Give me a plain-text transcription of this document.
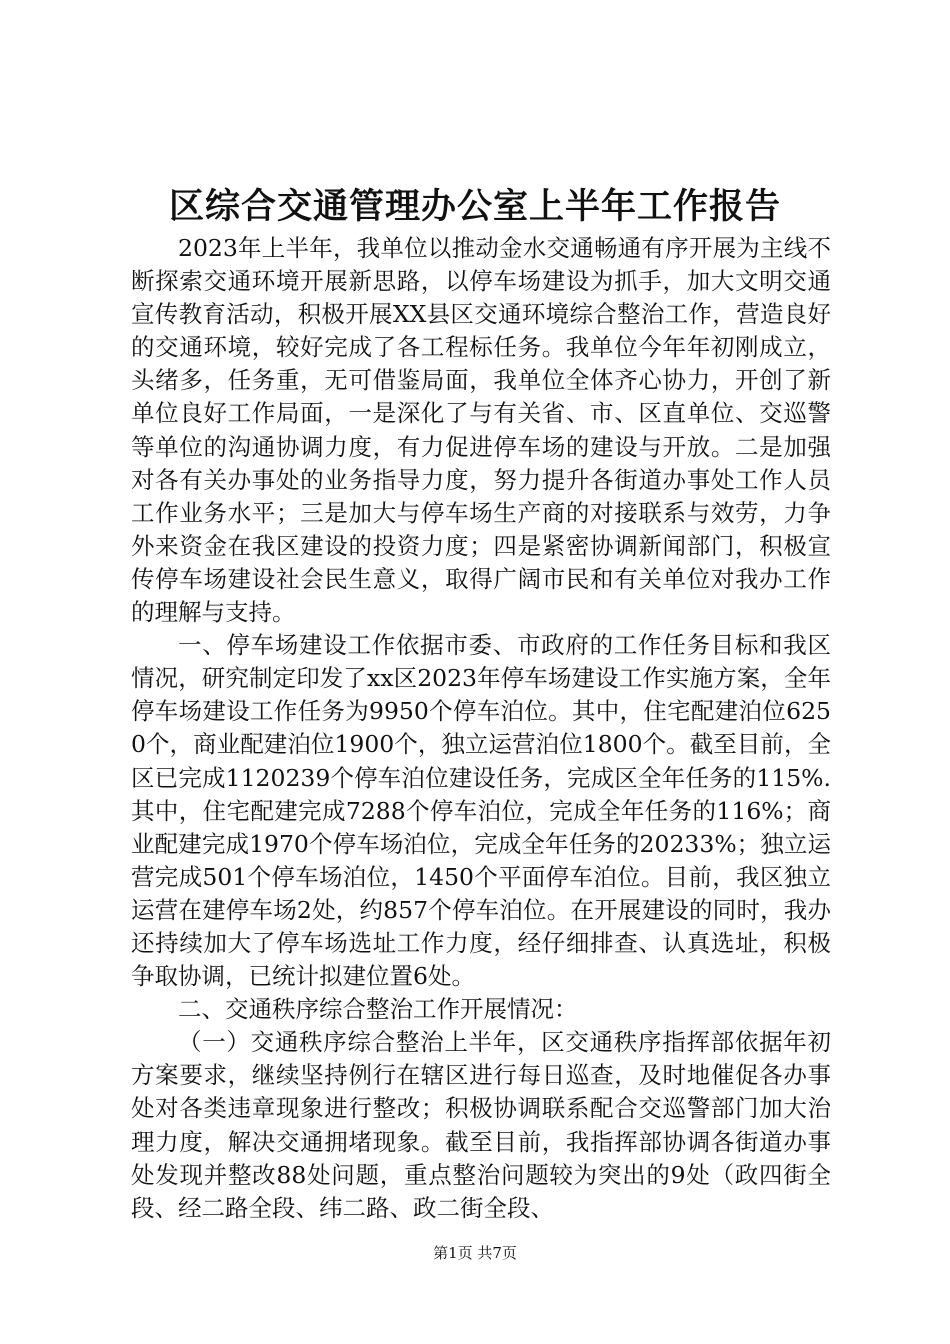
区综合交通管理办公室上半年工作报告

2023年上半年，我单位以推动金水交通畅通有序开展为主线不断探索交通环境开展新思路，以停车场建设为抓手，加大文明交通宣传教育活动，积极开展XX县区交通环境综合整治工作，营造良好的交通环境，较好完成了各工程标任务。我单位今年年初刚成立，头绪多，任务重，无可借鉴局面，我单位全体齐心协力，开创了新单位良好工作局面，一是深化了与有关省、市、区直单位、交巡警等单位的沟通协调力度，有力促进停车场的建设与开放。二是加强对各有关办事处的业务指导力度，努力提升各街道办事处工作人员工作业务水平；三是加大与停车场生产商的对接联系与效劳，力争外来资金在我区建设的投资力度；四是紧密协调新闻部门，积极宣传停车场建设社会民生意义，取得广阔市民和有关单位对我办工作的理解与支持。

一、停车场建设工作依据市委、市政府的工作任务目标和我区情况，研究制定印发了xx区2023年停车场建设工作实施方案，全年停车场建设工作任务为9950个停车泊位。其中，住宅配建泊位6250个，商业配建泊位1900个，独立运营泊位1800个。截至目前，全区已完成1120239个停车泊位建设任务，完成区全年任务的115%.其中，住宅配建完成7288个停车泊位，完成全年任务的116%；商业配建完成1970个停车场泊位，完成全年任务的20233%；独立运营完成501个停车场泊位，1450个平面停车泊位。目前，我区独立运营在建停车场2处，约857个停车泊位。在开展建设的同时，我办还持续加大了停车场选址工作力度，经仔细排查、认真选址，积极争取协调，已统计拟建位置6处。

二、交通秩序综合整治工作开展情况：

（一）交通秩序综合整治上半年，区交通秩序指挥部依据年初方案要求，继续坚持例行在辖区进行每日巡查，及时地催促各办事处对各类违章现象进行整改；积极协调联系配合交巡警部门加大治理力度，解决交通拥堵现象。截至目前，我指挥部协调各街道办事处发现并整改88处问题，重点整治问题较为突出的9处（政四街全段、经二路全段、纬二路、政二街全段、

第1页 共7页
